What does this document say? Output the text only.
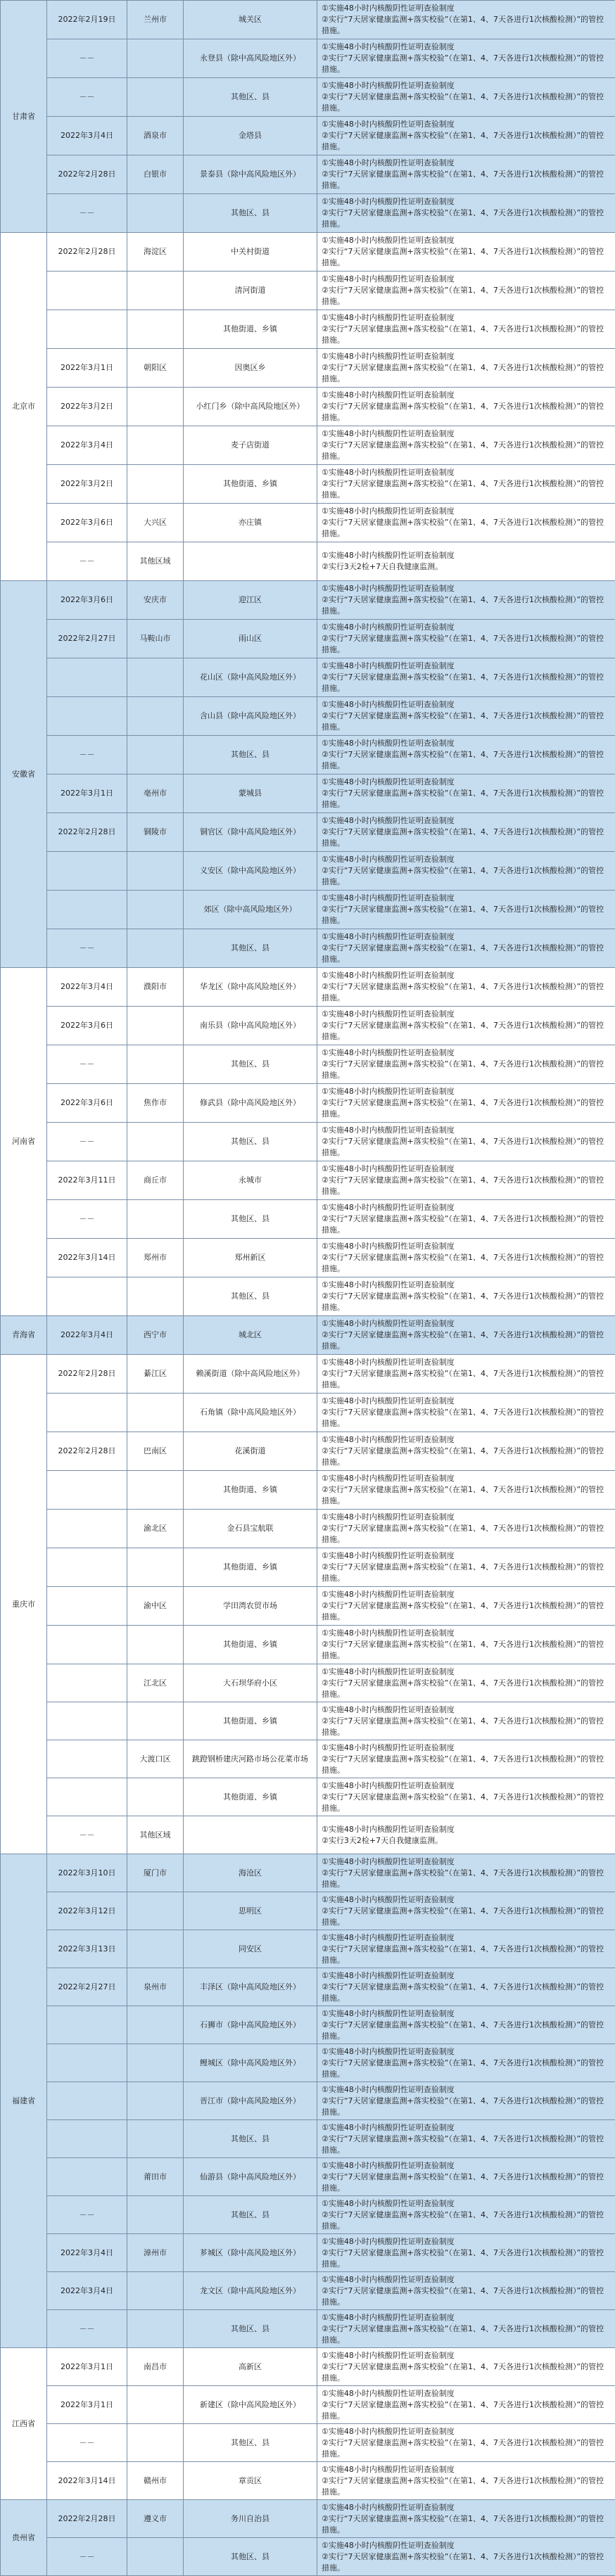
甘肃省	2022年2月19日	兰州市	城关区	①实施48小时内核酸阴性证明查验制度
②实行“7天居家健康监测+落实校验”（在第1、4、7天各进行1次核酸检测）”的管控措施。
	－－		永登县（除中高风险地区外）	①实施48小时内核酸阴性证明查验制度
②实行“7天居家健康监测+落实校验”（在第1、4、7天各进行1次核酸检测）”的管控措施。
	－－		其他区、县	①实施48小时内核酸阴性证明查验制度
②实行“7天居家健康监测+落实校验”（在第1、4、7天各进行1次核酸检测）”的管控措施。
	2022年3月4日	酒泉市	金塔县	①实施48小时内核酸阴性证明查验制度
②实行“7天居家健康监测+落实校验”（在第1、4、7天各进行1次核酸检测）”的管控措施。
	2022年2月28日	白银市	景泰县（除中高风险地区外）	①实施48小时内核酸阴性证明查验制度
②实行“7天居家健康监测+落实校验”（在第1、4、7天各进行1次核酸检测）”的管控措施。
	－－		其他区、县	①实施48小时内核酸阴性证明查验制度
②实行“7天居家健康监测+落实校验”（在第1、4、7天各进行1次核酸检测）”的管控措施。
北京市	2022年2月28日	海淀区	中关村街道	①实施48小时内核酸阴性证明查验制度
②实行“7天居家健康监测+落实校验”（在第1、4、7天各进行1次核酸检测）”的管控措施。
			清河街道	①实施48小时内核酸阴性证明查验制度
②实行“7天居家健康监测+落实校验”（在第1、4、7天各进行1次核酸检测）”的管控措施。
			其他街道、乡镇	①实施48小时内核酸阴性证明查验制度
②实行“7天居家健康监测+落实校验”（在第1、4、7天各进行1次核酸检测）”的管控措施。
	2022年3月1日	朝阳区	因奥区乡	①实施48小时内核酸阴性证明查验制度
②实行“7天居家健康监测+落实校验”（在第1、4、7天各进行1次核酸检测）”的管控措施。
	2022年3月2日		小红门乡（除中高风险地区外）	①实施48小时内核酸阴性证明查验制度
②实行“7天居家健康监测+落实校验”（在第1、4、7天各进行1次核酸检测）”的管控措施。
	2022年3月4日		麦子店街道	①实施48小时内核酸阴性证明查验制度
②实行“7天居家健康监测+落实校验”（在第1、4、7天各进行1次核酸检测）”的管控措施。
	2022年3月2日		其他街道、乡镇	①实施48小时内核酸阴性证明查验制度
②实行“7天居家健康监测+落实校验”（在第1、4、7天各进行1次核酸检测）”的管控措施。
	2022年3月6日	大兴区	亦庄镇	①实施48小时内核酸阴性证明查验制度
②实行“7天居家健康监测+落实校验”（在第1、4、7天各进行1次核酸检测）”的管控措施。
	－－	其他区域		①实施48小时内核酸阴性证明查验制度
②实行3天2检+7天自我健康监测。
安徽省	2022年3月6日	安庆市	迎江区	①实施48小时内核酸阴性证明查验制度
②实行“7天居家健康监测+落实校验”（在第1、4、7天各进行1次核酸检测）”的管控措施。
	2022年2月27日	马鞍山市	雨山区	①实施48小时内核酸阴性证明查验制度
②实行“7天居家健康监测+落实校验”（在第1、4、7天各进行1次核酸检测）”的管控措施。
			花山区（除中高风险地区外）	①实施48小时内核酸阴性证明查验制度
②实行“7天居家健康监测+落实校验”（在第1、4、7天各进行1次核酸检测）”的管控措施。
			含山县（除中高风险地区外）	①实施48小时内核酸阴性证明查验制度
②实行“7天居家健康监测+落实校验”（在第1、4、7天各进行1次核酸检测）”的管控措施。
	－－		其他区、县	①实施48小时内核酸阴性证明查验制度
②实行“7天居家健康监测+落实校验”（在第1、4、7天各进行1次核酸检测）”的管控措施。
	2022年3月1日	亳州市	蒙城县	①实施48小时内核酸阴性证明查验制度
②实行“7天居家健康监测+落实校验”（在第1、4、7天各进行1次核酸检测）”的管控措施。
	2022年2月28日	铜陵市	铜官区（除中高风险地区外）	①实施48小时内核酸阴性证明查验制度
②实行“7天居家健康监测+落实校验”（在第1、4、7天各进行1次核酸检测）”的管控措施。
			义安区（除中高风险地区外）	①实施48小时内核酸阴性证明查验制度
②实行“7天居家健康监测+落实校验”（在第1、4、7天各进行1次核酸检测）”的管控措施。
			郊区（除中高风险地区外）	①实施48小时内核酸阴性证明查验制度
②实行“7天居家健康监测+落实校验”（在第1、4、7天各进行1次核酸检测）”的管控措施。
	－－		其他区、县	①实施48小时内核酸阴性证明查验制度
②实行“7天居家健康监测+落实校验”（在第1、4、7天各进行1次核酸检测）”的管控措施。
河南省	2022年3月4日	濮阳市	华龙区（除中高风险地区外）	①实施48小时内核酸阴性证明查验制度
②实行“7天居家健康监测+落实校验”（在第1、4、7天各进行1次核酸检测）”的管控措施。
	2022年3月6日		南乐县（除中高风险地区外）	①实施48小时内核酸阴性证明查验制度
②实行“7天居家健康监测+落实校验”（在第1、4、7天各进行1次核酸检测）”的管控措施。
	－－		其他区、县	①实施48小时内核酸阴性证明查验制度
②实行“7天居家健康监测+落实校验”（在第1、4、7天各进行1次核酸检测）”的管控措施。
	2022年3月6日	焦作市	修武县（除中高风险地区外）	①实施48小时内核酸阴性证明查验制度
②实行“7天居家健康监测+落实校验”（在第1、4、7天各进行1次核酸检测）”的管控措施。
	－－		其他区、县	①实施48小时内核酸阴性证明查验制度
②实行“7天居家健康监测+落实校验”（在第1、4、7天各进行1次核酸检测）”的管控措施。
	2022年3月11日	商丘市	永城市	①实施48小时内核酸阴性证明查验制度
②实行“7天居家健康监测+落实校验”（在第1、4、7天各进行1次核酸检测）”的管控措施。
	－－		其他区、县	①实施48小时内核酸阴性证明查验制度
②实行“7天居家健康监测+落实校验”（在第1、4、7天各进行1次核酸检测）”的管控措施。
	2022年3月14日	郑州市	郑州新区	①实施48小时内核酸阴性证明查验制度
②实行“7天居家健康监测+落实校验”（在第1、4、7天各进行1次核酸检测）”的管控措施。
			其他区、县	①实施48小时内核酸阴性证明查验制度
②实行“7天居家健康监测+落实校验”（在第1、4、7天各进行1次核酸检测）”的管控措施。
青海省	2022年3月4日	西宁市	城北区	①实施48小时内核酸阴性证明查验制度
②实行“7天居家健康监测+落实校验”（在第1、4、7天各进行1次核酸检测）”的管控措施。
重庆市	2022年2月28日	綦江区	赖溪街道（除中高风险地区外）	①实施48小时内核酸阴性证明查验制度
②实行“7天居家健康监测+落实校验”（在第1、4、7天各进行1次核酸检测）”的管控措施。
			石角镇（除中高风险地区外）	①实施48小时内核酸阴性证明查验制度
②实行“7天居家健康监测+落实校验”（在第1、4、7天各进行1次核酸检测）”的管控措施。
	2022年2月28日	巴南区	花溪街道	①实施48小时内核酸阴性证明查验制度
②实行“7天居家健康监测+落实校验”（在第1、4、7天各进行1次核酸检测）”的管控措施。
			其他街道、乡镇	①实施48小时内核酸阴性证明查验制度
②实行“7天居家健康监测+落实校验”（在第1、4、7天各进行1次核酸检测）”的管控措施。
		渝北区	金石县宝航联	①实施48小时内核酸阴性证明查验制度
②实行“7天居家健康监测+落实校验”（在第1、4、7天各进行1次核酸检测）”的管控措施。
			其他街道、乡镇	①实施48小时内核酸阴性证明查验制度
②实行“7天居家健康监测+落实校验”（在第1、4、7天各进行1次核酸检测）”的管控措施。
		渝中区	学田湾农贸市场	①实施48小时内核酸阴性证明查验制度
②实行“7天居家健康监测+落实校验”（在第1、4、7天各进行1次核酸检测）”的管控措施。
			其他街道、乡镇	①实施48小时内核酸阴性证明查验制度
②实行“7天居家健康监测+落实校验”（在第1、4、7天各进行1次核酸检测）”的管控措施。
		江北区	大石坝华府小区	①实施48小时内核酸阴性证明查验制度
②实行“7天居家健康监测+落实校验”（在第1、4、7天各进行1次核酸检测）”的管控措施。
			其他街道、乡镇	①实施48小时内核酸阴性证明查验制度
②实行“7天居家健康监测+落实校验”（在第1、4、7天各进行1次核酸检测）”的管控措施。
		大渡口区	跳蹬钢桥建庆河路市场公花菜市场	①实施48小时内核酸阴性证明查验制度
②实行“7天居家健康监测+落实校验”（在第1、4、7天各进行1次核酸检测）”的管控措施。
			其他街道、乡镇	①实施48小时内核酸阴性证明查验制度
②实行“7天居家健康监测+落实校验”（在第1、4、7天各进行1次核酸检测）”的管控措施。
	－－	其他区域		①实施48小时内核酸阴性证明查验制度
②实行3天2检+7天自我健康监测。
福建省	2022年3月10日	厦门市	海沧区	①实施48小时内核酸阴性证明查验制度
②实行“7天居家健康监测+落实校验”（在第1、4、7天各进行1次核酸检测）”的管控措施。
	2022年3月12日		思明区	①实施48小时内核酸阴性证明查验制度
②实行“7天居家健康监测+落实校验”（在第1、4、7天各进行1次核酸检测）”的管控措施。
	2022年3月13日		同安区	①实施48小时内核酸阴性证明查验制度
②实行“7天居家健康监测+落实校验”（在第1、4、7天各进行1次核酸检测）”的管控措施。
	2022年2月27日	泉州市	丰泽区（除中高风险地区外）	①实施48小时内核酸阴性证明查验制度
②实行“7天居家健康监测+落实校验”（在第1、4、7天各进行1次核酸检测）”的管控措施。
			石狮市（除中高风险地区外）	①实施48小时内核酸阴性证明查验制度
②实行“7天居家健康监测+落实校验”（在第1、4、7天各进行1次核酸检测）”的管控措施。
			鲤城区（除中高风险地区外）	①实施48小时内核酸阴性证明查验制度
②实行“7天居家健康监测+落实校验”（在第1、4、7天各进行1次核酸检测）”的管控措施。
			晋江市（除中高风险地区外）	①实施48小时内核酸阴性证明查验制度
②实行“7天居家健康监测+落实校验”（在第1、4、7天各进行1次核酸检测）”的管控措施。
			其他区、县	①实施48小时内核酸阴性证明查验制度
②实行“7天居家健康监测+落实校验”（在第1、4、7天各进行1次核酸检测）”的管控措施。
		莆田市	仙游县（除中高风险地区外）	①实施48小时内核酸阴性证明查验制度
②实行“7天居家健康监测+落实校验”（在第1、4、7天各进行1次核酸检测）”的管控措施。
	－－		其他区、县	①实施48小时内核酸阴性证明查验制度
②实行“7天居家健康监测+落实校验”（在第1、4、7天各进行1次核酸检测）”的管控措施。
	2022年3月4日	漳州市	芗城区（除中高风险地区外）	①实施48小时内核酸阴性证明查验制度
②实行“7天居家健康监测+落实校验”（在第1、4、7天各进行1次核酸检测）”的管控措施。
	2022年3月4日		龙文区（除中高风险地区外）	①实施48小时内核酸阴性证明查验制度
②实行“7天居家健康监测+落实校验”（在第1、4、7天各进行1次核酸检测）”的管控措施。
	－－		其他区、县	①实施48小时内核酸阴性证明查验制度
②实行“7天居家健康监测+落实校验”（在第1、4、7天各进行1次核酸检测）”的管控措施。
江西省	2022年3月1日	南昌市	高新区	①实施48小时内核酸阴性证明查验制度
②实行“7天居家健康监测+落实校验”（在第1、4、7天各进行1次核酸检测）”的管控措施。
	2022年3月1日		新建区（除中高风险地区外）	①实施48小时内核酸阴性证明查验制度
②实行“7天居家健康监测+落实校验”（在第1、4、7天各进行1次核酸检测）”的管控措施。
	－－		其他区、县	①实施48小时内核酸阴性证明查验制度
②实行“7天居家健康监测+落实校验”（在第1、4、7天各进行1次核酸检测）”的管控措施。
	2022年3月14日	赣州市	章贡区	①实施48小时内核酸阴性证明查验制度
②实行“7天居家健康监测+落实校验”（在第1、4、7天各进行1次核酸检测）”的管控措施。
贵州省	2022年2月28日	遵义市	务川自治县	①实施48小时内核酸阴性证明查验制度
②实行“7天居家健康监测+落实校验”（在第1、4、7天各进行1次核酸检测）”的管控措施。
	－－		其他区、县	①实施48小时内核酸阴性证明查验制度
②实行“7天居家健康监测+落实校验”（在第1、4、7天各进行1次核酸检测）”的管控措施。
